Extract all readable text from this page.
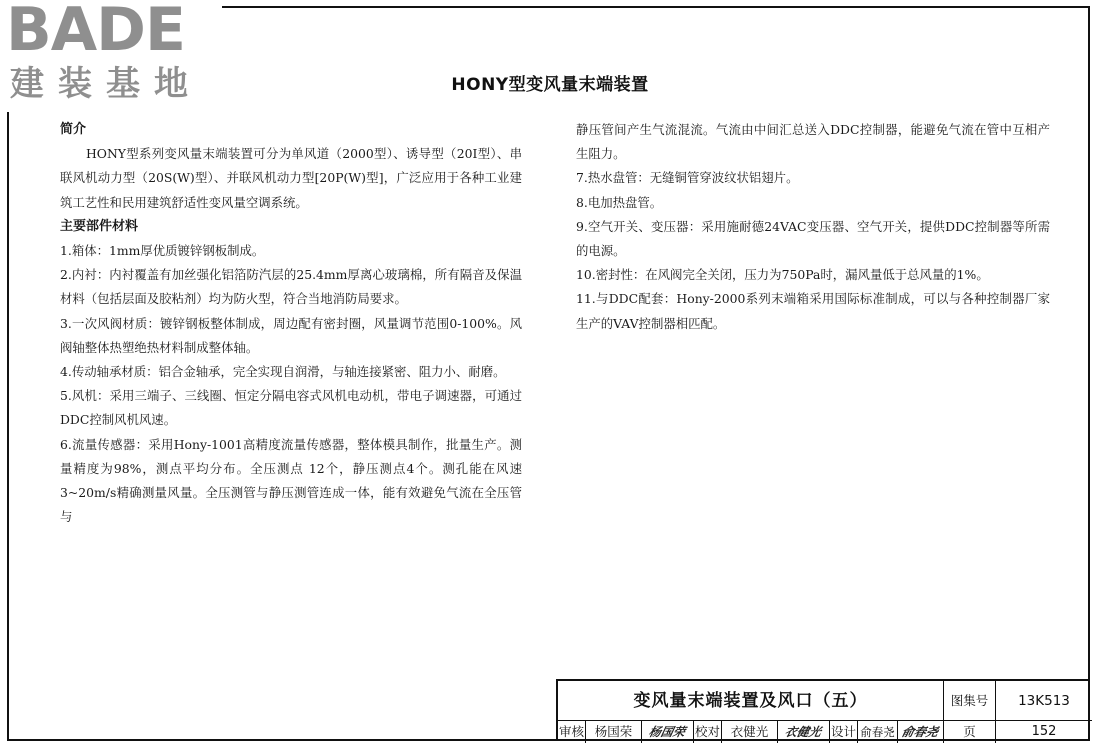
BADE
建装基地	HONY型变风量末端装置
简介
HONY型系列变风量末端装置可分为单风道（2000型）、诱导型（20I型）、串联风机动力型（20S(W)型）、并联风机动力型[20P(W)型]，广泛应用于各种工业建筑工艺性和民用建筑舒适性变风量空调系统。
主要部件材料
1.箱体：1mm厚优质镀锌钢板制成。
2.内衬：内衬覆盖有加丝强化铝箔防汽层的25.4mm厚离心玻璃棉，所有隔音及保温材料（包括层面及胶粘剂）均为防火型，符合当地消防局要求。
3.一次风阀材质：镀锌钢板整体制成，周边配有密封圈，风量调节范围0-100%。风阀轴整体热塑绝热材料制成整体轴。
4.传动轴承材质：铝合金轴承，完全实现自润滑，与轴连接紧密、阻力小、耐磨。
5.风机：采用三端子、三线圈、恒定分隔电容式风机电动机，带电子调速器，可通过DDC控制风机风速。
6.流量传感器：采用Hony-1001高精度流量传感器，整体模具制作，批量生产。测量精度为98%，测点平均分布。全压测点 12个，静压测点4个。测孔能在风速3~20m/s精确测量风量。全压测管与静压测管连成一体，能有效避免气流在全压管与
静压管间产生气流混流。气流由中间汇总送入DDC控制器，能避免气流在管中互相产生阻力。
7.热水盘管：无缝铜管穿波纹状铝翅片。
8.电加热盘管。
9.空气开关、变压器：采用施耐德24VAC变压器、空气开关，提供DDC控制器等所需的电源。
10.密封性：在风阀完全关闭，压力为750Pa时，漏风量低于总风量的1%。
11.与DDC配套：Hony-2000系列末端箱采用国际标准制成，可以与各种控制器厂家生产的VAV控制器相匹配。
变风量末端装置及风口（五）	图集号	13K513
审核 杨国荣	杨国荣 校对 衣健光	衣健光 设计 俞春尧 俞春尧	页	152
